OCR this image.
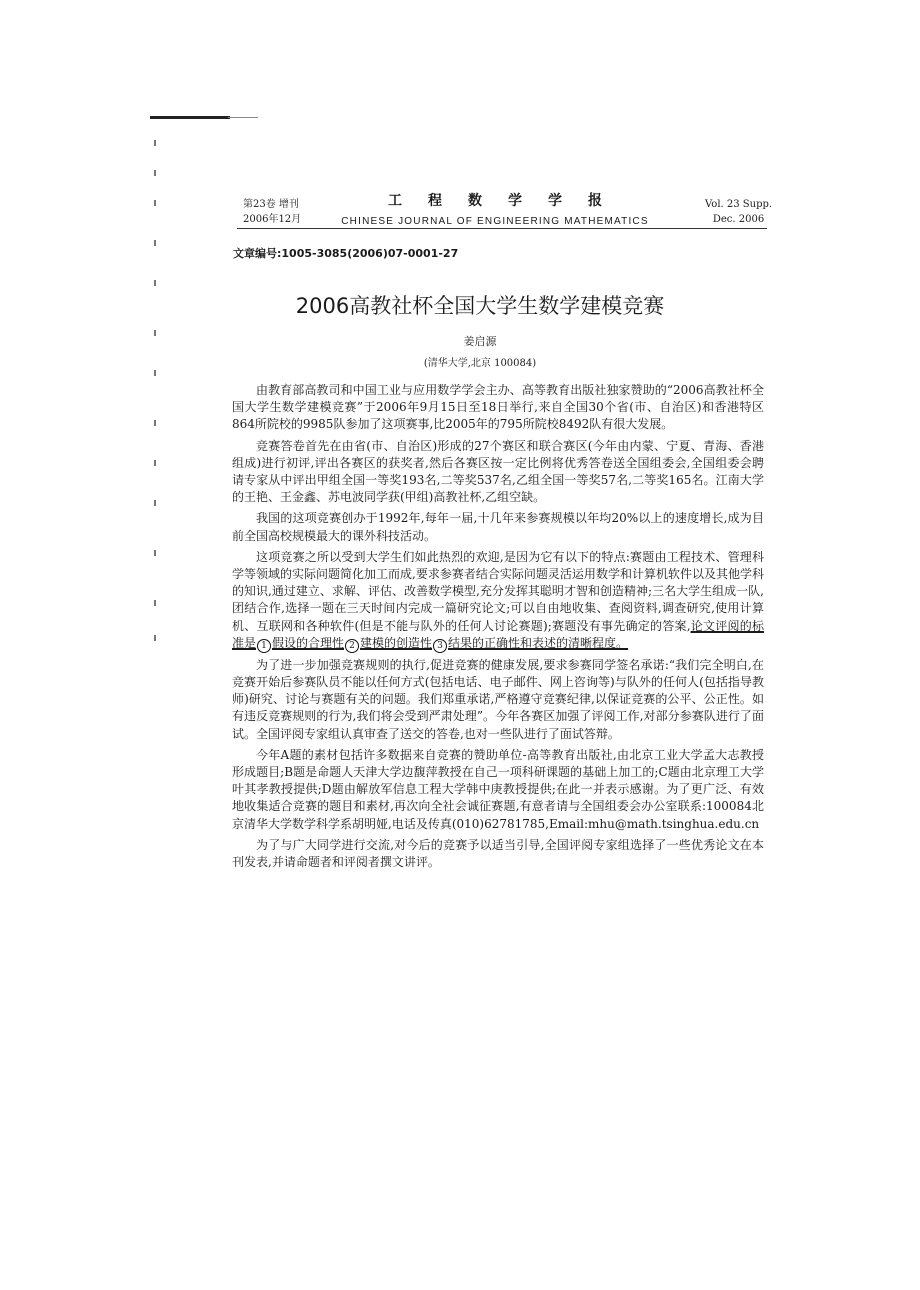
第23卷 增刊
2006年12月
工程数学学报
CHINESE JOURNAL OF ENGINEERING MATHEMATICS
Vol. 23 Supp.
Dec. 2006
文章编号:1005-3085(2006)07-0001-27
2006高教社杯全国大学生数学建模竞赛
姜启源
(清华大学,北京 100084)

由教育部高教司和中国工业与应用数学学会主办、高等教育出版社独家赞助的“2006高教社杯全国大学生数学建模竞赛”于2006年9月15日至18日举行,来自全国30个省(市、自治区)和香港特区864所院校的9985队参加了这项赛事,比2005年的795所院校8492队有很大发展。

竞赛答卷首先在由省(市、自治区)形成的27个赛区和联合赛区(今年由内蒙、宁夏、青海、香港组成)进行初评,评出各赛区的获奖者,然后各赛区按一定比例将优秀答卷送全国组委会,全国组委会聘请专家从中评出甲组全国一等奖193名,二等奖537名,乙组全国一等奖57名,二等奖165名。江南大学的王艳、王金鑫、苏电波同学获(甲组)高教社杯,乙组空缺。

我国的这项竞赛创办于1992年,每年一届,十几年来参赛规模以年均20%以上的速度增长,成为目前全国高校规模最大的课外科技活动。

这项竞赛之所以受到大学生们如此热烈的欢迎,是因为它有以下的特点:赛题由工程技术、管理科学等领域的实际问题简化加工而成,要求参赛者结合实际问题灵活运用数学和计算机软件以及其他学科的知识,通过建立、求解、评估、改善数学模型,充分发挥其聪明才智和创造精神;三名大学生组成一队,团结合作,选择一题在三天时间内完成一篇研究论文;可以自由地收集、查阅资料,调查研究,使用计算机、互联网和各种软件(但是不能与队外的任何人讨论赛题);赛题没有事先确定的答案,论文评阅的标准是 1 假设的合理性 2 建模的创造性 3 结果的正确性和表述的清晰程度。

为了进一步加强竞赛规则的执行,促进竞赛的健康发展,要求参赛同学签名承诺:“我们完全明白,在竞赛开始后参赛队员不能以任何方式(包括电话、电子邮件、网上咨询等)与队外的任何人(包括指导教师)研究、讨论与赛题有关的问题。我们郑重承诺,严格遵守竞赛纪律,以保证竞赛的公平、公正性。如有违反竞赛规则的行为,我们将会受到严肃处理”。今年各赛区加强了评阅工作,对部分参赛队进行了面试。全国评阅专家组认真审查了送交的答卷,也对一些队进行了面试答辩。

今年A题的素材包括许多数据来自竞赛的赞助单位-高等教育出版社,由北京工业大学孟大志教授形成题目;B题是命题人天津大学边馥萍教授在自己一项科研课题的基础上加工的;C题由北京理工大学叶其孝教授提供;D题由解放军信息工程大学韩中庚教授提供;在此一并表示感谢。为了更广泛、有效地收集适合竞赛的题目和素材,再次向全社会诚征赛题,有意者请与全国组委会办公室联系:100084北京清华大学数学科学系胡明娅,电话及传真(010)62781785,Email:mhu@math.tsinghua.edu.cn

为了与广大同学进行交流,对今后的竞赛予以适当引导,全国评阅专家组选择了一些优秀论文在本刊发表,并请命题者和评阅者撰文讲评。
